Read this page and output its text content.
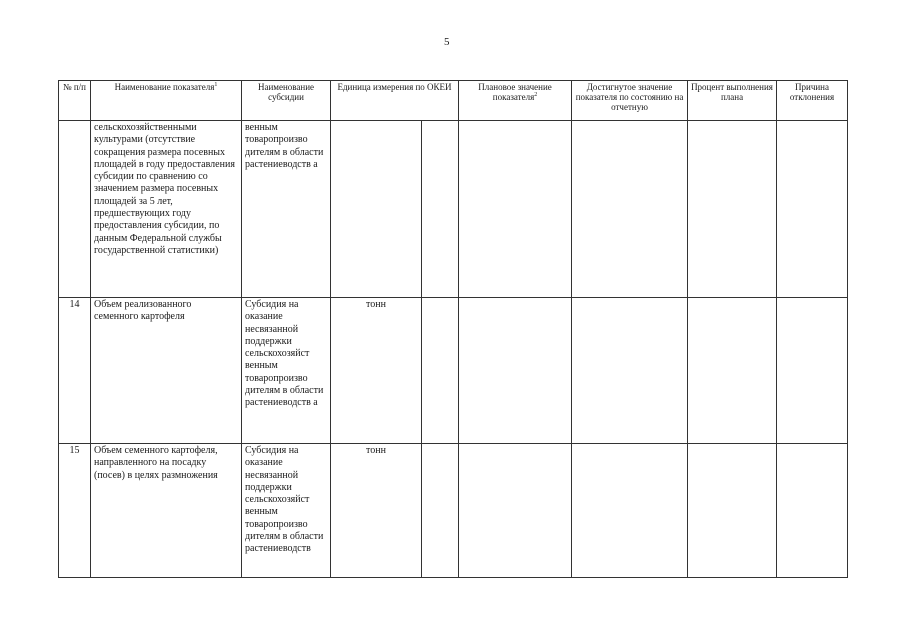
5
№ п/п	Наименование показателя$^1$	Наименование субсидии	Единица измерения по ОКЕИ		Плановое значение показателя$^2$	Достигнутое значение показателя по состоянию на отчетную	Процент выполнения плана	Причина отклонения
	сельскохозяйственными культурами (отсутствие сокращения размера посевных площадей в году предоставления субсидии по сравнению со значением размера посевных площадей за 5 лет, предшествующих году предоставления субсидии, по данным Федеральной службы государственной статистики)	венным товаропроизво дителям в области растениеводств а						
14	Объем реализованного семенного картофеля	Субсидия на оказание несвязанной поддержки сельскохозяйст венным товаропроизво дителям в области растениеводств а	тонн					
15	Объем семенного картофеля, направленного на посадку (посев) в целях размножения	Субсидия на оказание несвязанной поддержки сельскохозяйст венным товаропроизво дителям в области растениеводств	тонн					
